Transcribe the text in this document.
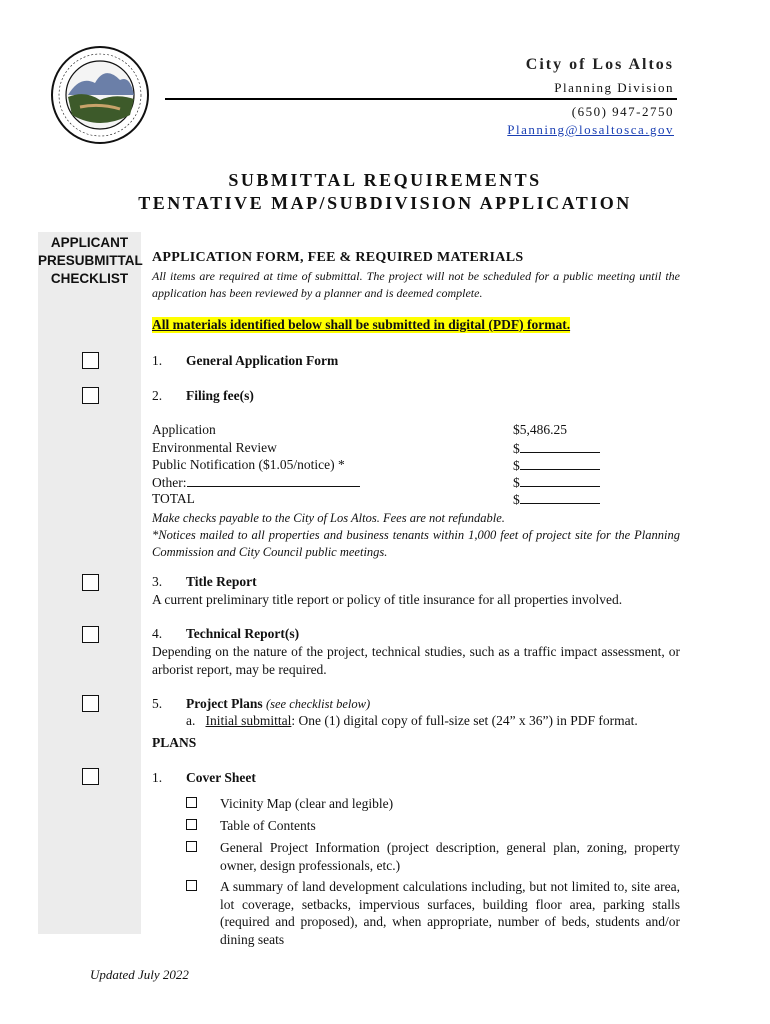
City of Los Altos
Planning Division
(650) 947-2750
Planning@losaltosca.gov
SUBMITTAL REQUIREMENTS
TENTATIVE MAP/SUBDIVISION APPLICATION
APPLICANT
PRESUBMITTAL
CHECKLIST
APPLICATION FORM, FEE & REQUIRED MATERIALS
All items are required at time of submittal. The project will not be scheduled for a public meeting until the application has been reviewed by a planner and is deemed complete.
All materials identified below shall be submitted in digital (PDF) format.
1. General Application Form
2. Filing fee(s)
Application	$5,486.25
Environmental Review	$
Public Notification ($1.05/notice) *	$
Other:	$
TOTAL	$
Make checks payable to the City of Los Altos. Fees are not refundable.
*Notices mailed to all properties and business tenants within 1,000 feet of project site for the Planning Commission and City Council public meetings.
3. Title Report
A current preliminary title report or policy of title insurance for all properties involved.
4. Technical Report(s)
Depending on the nature of the project, technical studies, such as a traffic impact assessment, or arborist report, may be required.
5. Project Plans (see checklist below)
a. Initial submittal: One (1) digital copy of full-size set (24” x 36”) in PDF format.
PLANS
1. Cover Sheet
Vicinity Map (clear and legible)
Table of Contents
General Project Information (project description, general plan, zoning, property owner, design professionals, etc.)
A summary of land development calculations including, but not limited to, site area, lot coverage, setbacks, impervious surfaces, building floor area, parking stalls (required and proposed), and, when appropriate, number of beds, students and/or dining seats
Updated July 2022
